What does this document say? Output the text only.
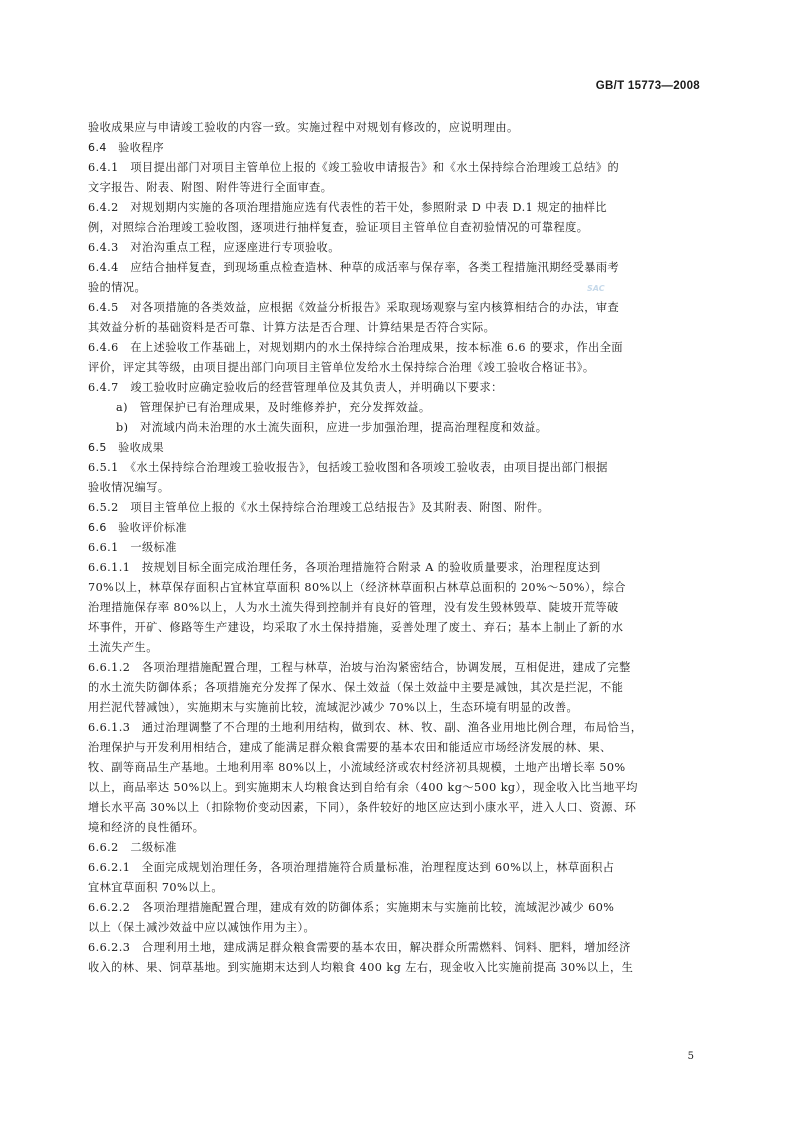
GB/T 15773—2008
SAC
验收成果应与申请竣工验收的内容一致。实施过程中对规划有修改的，应说明理由。
6.4　验收程序
6.4.1　项目提出部门对项目主管单位上报的《竣工验收申请报告》和《水土保持综合治理竣工总结》的
文字报告、附表、附图、附件等进行全面审查。
6.4.2　对规划期内实施的各项治理措施应选有代表性的若干处，参照附录 D 中表 D.1 规定的抽样比
例，对照综合治理竣工验收图，逐项进行抽样复查，验证项目主管单位自查初验情况的可靠程度。
6.4.3　对治沟重点工程，应逐座进行专项验收。
6.4.4　应结合抽样复查，到现场重点检查造林、种草的成活率与保存率，各类工程措施汛期经受暴雨考
验的情况。
6.4.5　对各项措施的各类效益，应根据《效益分析报告》采取现场观察与室内核算相结合的办法，审查
其效益分析的基础资料是否可靠、计算方法是否合理、计算结果是否符合实际。
6.4.6　在上述验收工作基础上，对规划期内的水土保持综合治理成果，按本标准 6.6 的要求，作出全面
评价，评定其等级，由项目提出部门向项目主管单位发给水土保持综合治理《竣工验收合格证书》。
6.4.7　竣工验收时应确定验收后的经营管理单位及其负责人，并明确以下要求：
a)　管理保护已有治理成果，及时维修养护，充分发挥效益。
b)　对流域内尚未治理的水土流失面积，应进一步加强治理，提高治理程度和效益。
6.5　验收成果
6.5.1　《水土保持综合治理竣工验收报告》，包括竣工验收图和各项竣工验收表，由项目提出部门根据
验收情况编写。
6.5.2　项目主管单位上报的《水土保持综合治理竣工总结报告》及其附表、附图、附件。
6.6　验收评价标准
6.6.1　一级标准
6.6.1.1　按规划目标全面完成治理任务，各项治理措施符合附录 A 的验收质量要求，治理程度达到
70%以上，林草保存面积占宜林宜草面积 80%以上（经济林草面积占林草总面积的 20%～50%），综合
治理措施保存率 80%以上，人为水土流失得到控制并有良好的管理，没有发生毁林毁草、陡坡开荒等破
坏事件，开矿、修路等生产建设，均采取了水土保持措施，妥善处理了废土、弃石；基本上制止了新的水
土流失产生。
6.6.1.2　各项治理措施配置合理，工程与林草，治坡与治沟紧密结合，协调发展，互相促进，建成了完整
的水土流失防御体系；各项措施充分发挥了保水、保土效益（保土效益中主要是减蚀，其次是拦泥，不能
用拦泥代替减蚀），实施期末与实施前比较，流域泥沙减少 70%以上，生态环境有明显的改善。
6.6.1.3　通过治理调整了不合理的土地利用结构，做到农、林、牧、副、渔各业用地比例合理，布局恰当，
治理保护与开发利用相结合，建成了能满足群众粮食需要的基本农田和能适应市场经济发展的林、果、
牧、副等商品生产基地。土地利用率 80%以上，小流域经济或农村经济初具规模，土地产出增长率 50%
以上，商品率达 50%以上。到实施期末人均粮食达到自给有余（400 kg～500 kg），现金收入比当地平均
增长水平高 30%以上（扣除物价变动因素，下同），条件较好的地区应达到小康水平，进入人口、资源、环
境和经济的良性循环。
6.6.2　二级标准
6.6.2.1　全面完成规划治理任务，各项治理措施符合质量标准，治理程度达到 60%以上，林草面积占
宜林宜草面积 70%以上。
6.6.2.2　各项治理措施配置合理，建成有效的防御体系；实施期末与实施前比较，流域泥沙减少 60%
以上（保土减沙效益中应以减蚀作用为主）。
6.6.2.3　合理利用土地，建成满足群众粮食需要的基本农田，解决群众所需燃料、饲料、肥料，增加经济
收入的林、果、饲草基地。到实施期末达到人均粮食 400 kg 左右，现金收入比实施前提高 30%以上，生
5
